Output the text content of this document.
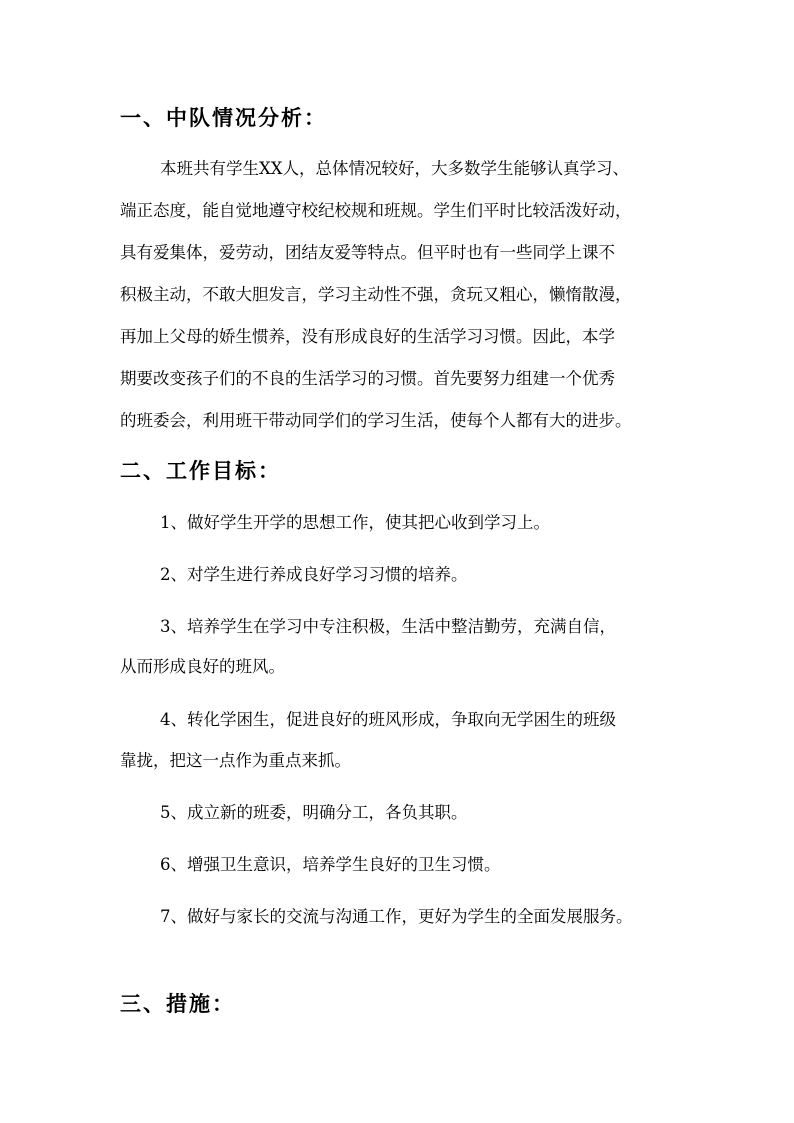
一、中队情况分析：
本班共有学生XX人，总体情况较好，大多数学生能够认真学习、
端正态度，能自觉地遵守校纪校规和班规。学生们平时比较活泼好动，
具有爱集体，爱劳动，团结友爱等特点。但平时也有一些同学上课不
积极主动，不敢大胆发言，学习主动性不强，贪玩又粗心，懒惰散漫，
再加上父母的娇生惯养，没有形成良好的生活学习习惯。因此，本学
期要改变孩子们的不良的生活学习的习惯。首先要努力组建一个优秀
的班委会，利用班干带动同学们的学习生活，使每个人都有大的进步。
二、工作目标：

1、做好学生开学的思想工作，使其把心收到学习上。

2、对学生进行养成良好学习习惯的培养。

3、培养学生在学习中专注积极，生活中整洁勤劳，充满自信，

从而形成良好的班风。

4、转化学困生，促进良好的班风形成，争取向无学困生的班级

靠拢，把这一点作为重点来抓。

5、成立新的班委，明确分工，各负其职。

6、增强卫生意识，培养学生良好的卫生习惯。

7、做好与家长的交流与沟通工作，更好为学生的全面发展服务。

三、措施：
